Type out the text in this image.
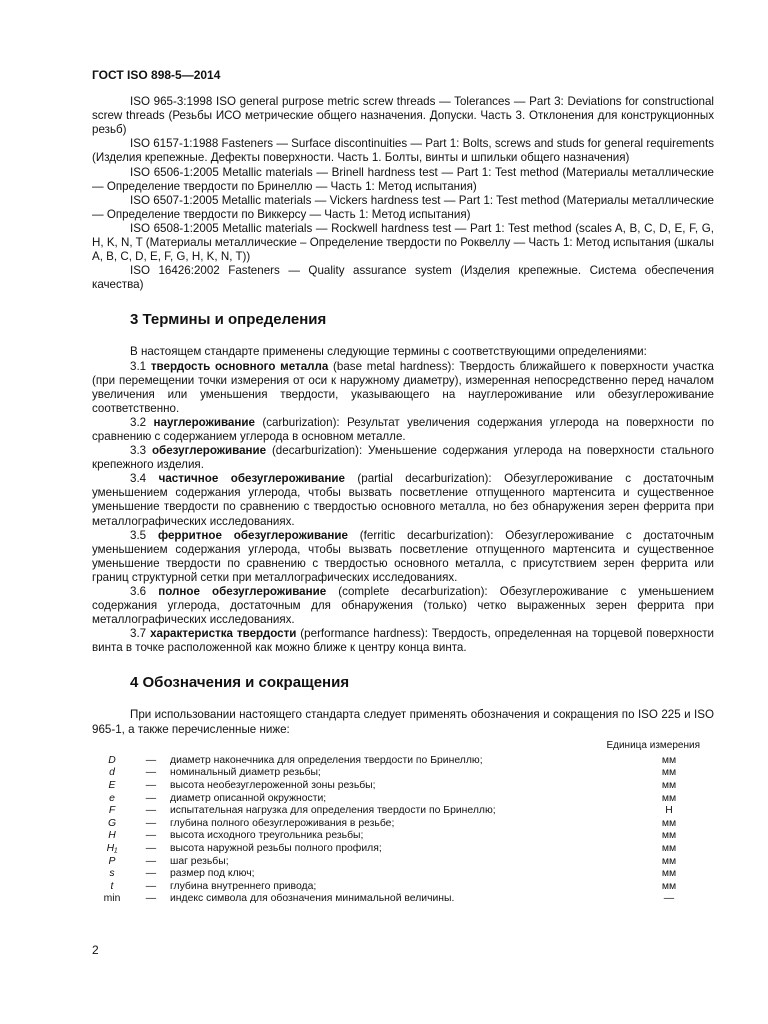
ГОСТ ISO 898-5—2014

ISO 965-3:1998 ISO general purpose metric screw threads — Tolerances — Part 3: Deviations for constructional screw threads (Резьбы ИСО метрические общего назначения. Допуски. Часть 3. Отклонения для конструкционных резьб)

ISO 6157-1:1988 Fasteners — Surface discontinuities — Part 1: Bolts, screws and studs for general requirements (Изделия крепежные. Дефекты поверхности. Часть 1. Болты, винты и шпильки общего назначения)

ISO 6506-1:2005 Metallic materials — Brinell hardness test — Part 1: Test method (Материалы металлические — Определение твердости по Бринеллю — Часть 1: Метод испытания)

ISO 6507-1:2005 Metallic materials — Vickers hardness test — Part 1: Test method (Материалы металлические — Определение твердости по Виккерсу — Часть 1: Метод испытания)

ISO 6508-1:2005 Metallic materials — Rockwell hardness test — Part 1: Test method (scales A, B, C, D, E, F, G, H, K, N, T (Материалы металлические – Определение твердости по Роквеллу — Часть 1: Метод испытания (шкалы A, B, C, D, E, F, G, H, K, N, T))

ISO 16426:2002 Fasteners — Quality assurance system (Изделия крепежные. Система обеспечения качества)

3 Термины и определения

В настоящем стандарте применены следующие термины с соответствующими определениями:

3.1 твердость основного металла (base metal hardness): Твердость ближайшего к поверхности участка (при перемещении точки измерения от оси к наружному диаметру), измеренная непосредственно перед началом увеличения или уменьшения твердости, указывающего на науглероживание или обезуглероживание соответственно.

3.2 науглероживание (carburization): Результат увеличения содержания углерода на поверхности по сравнению с содержанием углерода в основном металле.

3.3 обезуглероживание (decarburization): Уменьшение содержания углерода на поверхности стального крепежного изделия.

3.4 частичное обезуглероживание (partial decarburization): Обезуглероживание с достаточным уменьшением содержания углерода, чтобы вызвать посветление отпущенного мартенсита и существенное уменьшение твердости по сравнению с твердостью основного металла, но без обнаружения зерен феррита при металлографических исследованиях.

3.5 ферритное обезуглероживание (ferritic decarburization): Обезуглероживание с достаточным уменьшением содержания углерода, чтобы вызвать посветление отпущенного мартенсита и существенное уменьшение твердости по сравнению с твердостью основного металла, с присутствием зерен феррита или границ структурной сетки при металлографических исследованиях.

3.6 полное обезуглероживание (complete decarburization): Обезуглероживание с уменьшением содержания углерода, достаточным для обнаружения (только) четко выраженных зерен феррита при металлографических исследованиях.

3.7 характеристка твердости (performance hardness): Твердость, определенная на торцевой поверхности винта в точке расположенной как можно ближе к центру конца винта.

4 Обозначения и сокращения

При использовании настоящего стандарта следует применять обозначения и сокращения по ISO 225 и ISO 965-1, а также перечисленные ниже:

Единица измерения
D	—	диаметр наконечника для определения твердости по Бринеллю;	мм
d	—	номинальный диаметр резьбы;	мм
E	—	высота необезуглероженной зоны резьбы;	мм
e	—	диаметр описанной окружности;	мм
F	—	испытательная нагрузка для определения твердости по Бринеллю;	Н
G	—	глубина полного обезуглероживания в резьбе;	мм
H	—	высота исходного треугольника резьбы;	мм
H₁	—	высота наружной резьбы полного профиля;	мм
P	—	шаг резьбы;	мм
s	—	размер под ключ;	мм
t	—	глубина внутреннего привода;	мм
min	—	индекс символа для обозначения минимальной величины.	—
2
